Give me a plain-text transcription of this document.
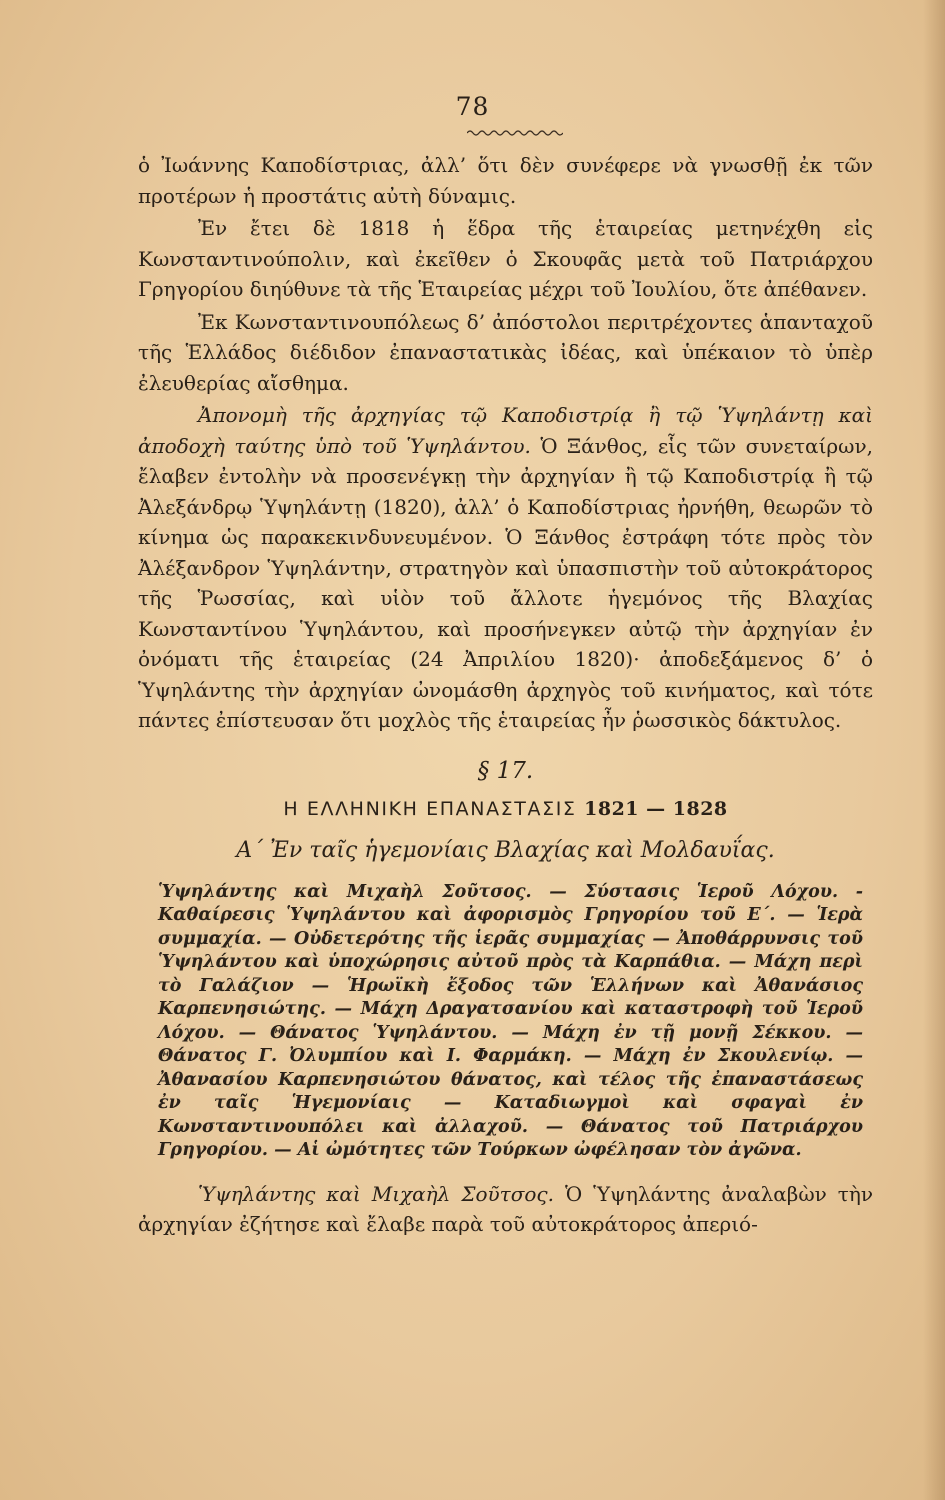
78

ὁ Ἰωάννης Καποδίστριας, ἀλλ’ ὅτι δὲν συνέφερε νὰ γνωσθῇ ἐκ τῶν προτέρων ἡ προστάτις αὐτὴ δύναμις.

Ἐν ἔτει δὲ 1818 ἡ ἕδρα τῆς ἑταιρείας μετηνέχθη εἰς Κωνσταντινούπολιν, καὶ ἐκεῖθεν ὁ Σκουφᾶς μετὰ τοῦ Πατριάρχου Γρηγορίου διηύθυνε τὰ τῆς Ἑταιρείας μέχρι τοῦ Ἰουλίου, ὅτε ἀπέθανεν.

Ἐκ Κωνσταντινουπόλεως δ’ ἀπόστολοι περιτρέχοντες ἁπανταχοῦ τῆς Ἑλλάδος διέδιδον ἐπαναστατικὰς ἰδέας, καὶ ὑπέκαιον τὸ ὑπὲρ ἐλευθερίας αἴσθημα.

Ἀπονομὴ τῆς ἀρχηγίας τῷ Καποδιστρίᾳ ἢ τῷ Ὑψηλάντῃ καὶ ἀποδοχὴ ταύτης ὑπὸ τοῦ Ὑψηλάντου. Ὁ Ξάνθος, εἷς τῶν συνεταίρων, ἔλαβεν ἐντολὴν νὰ προσενέγκῃ τὴν ἀρχηγίαν ἢ τῷ Καποδιστρίᾳ ἢ τῷ Ἀλεξάνδρῳ Ὑψηλάντῃ (1820), ἀλλ’ ὁ Καποδίστριας ἠρνήθη, θεωρῶν τὸ κίνημα ὡς παρακεκινδυνευμένον. Ὁ Ξάνθος ἐστράφη τότε πρὸς τὸν Ἀλέξανδρον Ὑψηλάντην, στρατηγὸν καὶ ὑπασπιστὴν τοῦ αὐτοκράτορος τῆς Ῥωσσίας, καὶ υἱὸν τοῦ ἄλλοτε ἡγεμόνος τῆς Βλαχίας Κωνσταντίνου Ὑψηλάντου, καὶ προσήνεγκεν αὐτῷ τὴν ἀρχηγίαν ἐν ὀνόματι τῆς ἑταιρείας (24 Ἀπριλίου 1820)· ἀποδεξάμενος δ’ ὁ Ὑψηλάντης τὴν ἀρχηγίαν ὠνομάσθη ἀρχηγὸς τοῦ κινήματος, καὶ τότε πάντες ἐπίστευσαν ὅτι μοχλὸς τῆς ἑταιρείας ἦν ῥωσσικὸς δάκτυλος.

§ 17.
Η ΕΛΛΗΝΙΚΗ ΕΠΑΝΑΣΤΑΣΙΣ 1821 — 1828
Α΄ Ἐν ταῖς ἡγεμονίαις Βλαχίας καὶ Μολδαυΐας.

Ὑψηλάντης καὶ Μιχαὴλ Σοῦτσος. — Σύστασις Ἱεροῦ Λόχου. - Καθαίρεσις Ὑψηλάντου καὶ ἀφορισμὸς Γρηγορίου τοῦ Ε΄. — Ἱερὰ συμμαχία. — Οὐδετερότης τῆς ἱερᾶς συμμαχίας — Ἀποθάρρυνσις τοῦ Ὑψηλάντου καὶ ὑποχώρησις αὐτοῦ πρὸς τὰ Καρπάθια. — Μάχη περὶ τὸ Γαλάζιον — Ἡρωϊκὴ ἔξοδος τῶν Ἑλλήνων καὶ Ἀθανάσιος Καρπενησιώτης. — Μάχη Δραγατσανίου καὶ καταστροφὴ τοῦ Ἱεροῦ Λόχου. — Θάνατος Ὑψηλάντου. — Μάχη ἐν τῇ μονῇ Σέκκου. — Θάνατος Γ. Ὀλυμπίου καὶ Ι. Φαρμάκη. — Μάχη ἐν Σκουλενίῳ. — Ἀθανασίου Καρπενησιώτου θάνατος, καὶ τέλος τῆς ἐπαναστάσεως ἐν ταῖς Ἡγεμονίαις — Καταδιωγμοὶ καὶ σφαγαὶ ἐν Κωνσταντινουπόλει καὶ ἀλλαχοῦ. — Θάνατος τοῦ Πατριάρχου Γρηγορίου. — Αἱ ὠμότητες τῶν Τούρκων ὠφέλησαν τὸν ἀγῶνα.

Ὑψηλάντης καὶ Μιχαὴλ Σοῦτσος. Ὁ Ὑψηλάντης ἀναλαβὼν τὴν ἀρχηγίαν ἐζήτησε καὶ ἔλαβε παρὰ τοῦ αὐτοκράτορος ἀπεριό-
